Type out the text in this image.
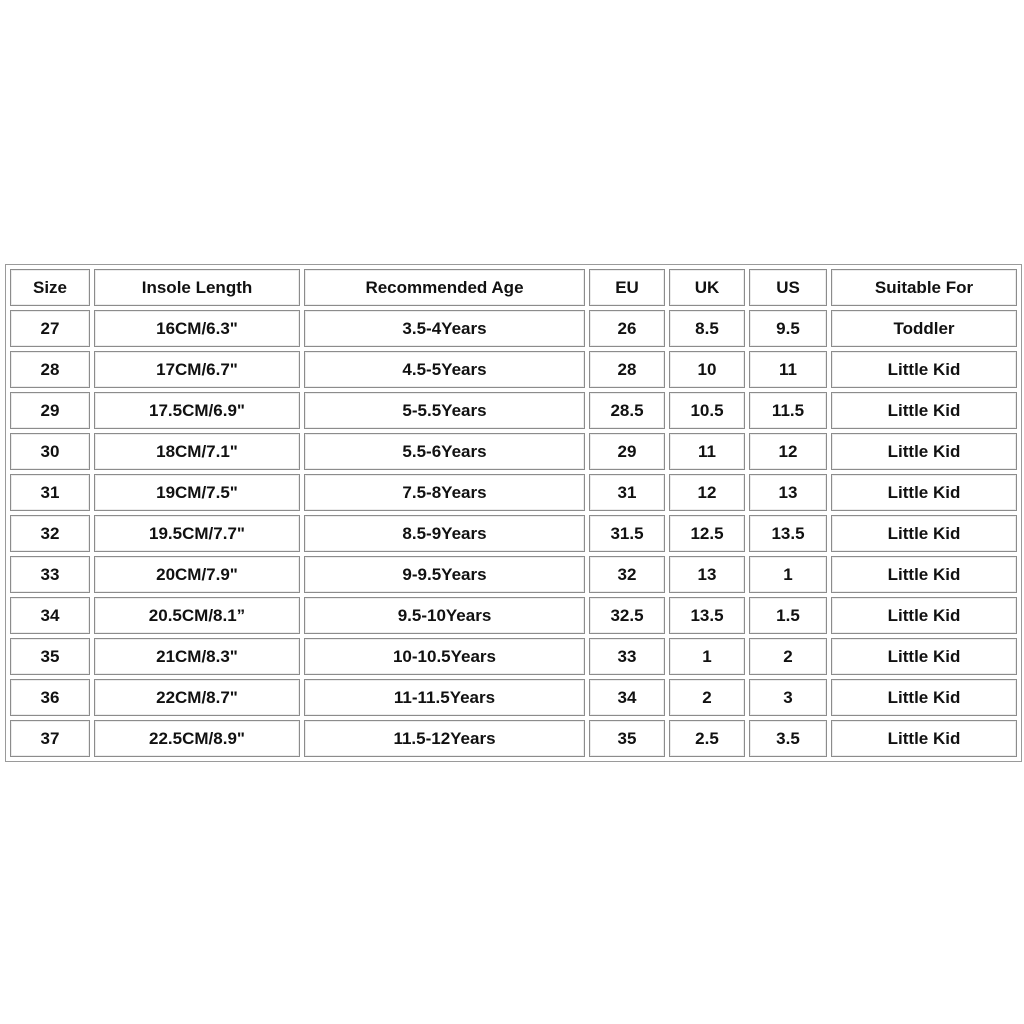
Size	Insole Length	Recommended Age	EU	UK	US	Suitable For
27	16CM/6.3"	3.5-4Years	26	8.5	9.5	Toddler
28	17CM/6.7"	4.5-5Years	28	10	11	Little Kid
29	17.5CM/6.9"	5-5.5Years	28.5	10.5	11.5	Little Kid
30	18CM/7.1"	5.5-6Years	29	11	12	Little Kid
31	19CM/7.5"	7.5-8Years	31	12	13	Little Kid
32	19.5CM/7.7"	8.5-9Years	31.5	12.5	13.5	Little Kid
33	20CM/7.9"	9-9.5Years	32	13	1	Little Kid
34	20.5CM/8.1”	9.5-10Years	32.5	13.5	1.5	Little Kid
35	21CM/8.3"	10-10.5Years	33	1	2	Little Kid
36	22CM/8.7"	11-11.5Years	34	2	3	Little Kid
37	22.5CM/8.9"	11.5-12Years	35	2.5	3.5	Little Kid
